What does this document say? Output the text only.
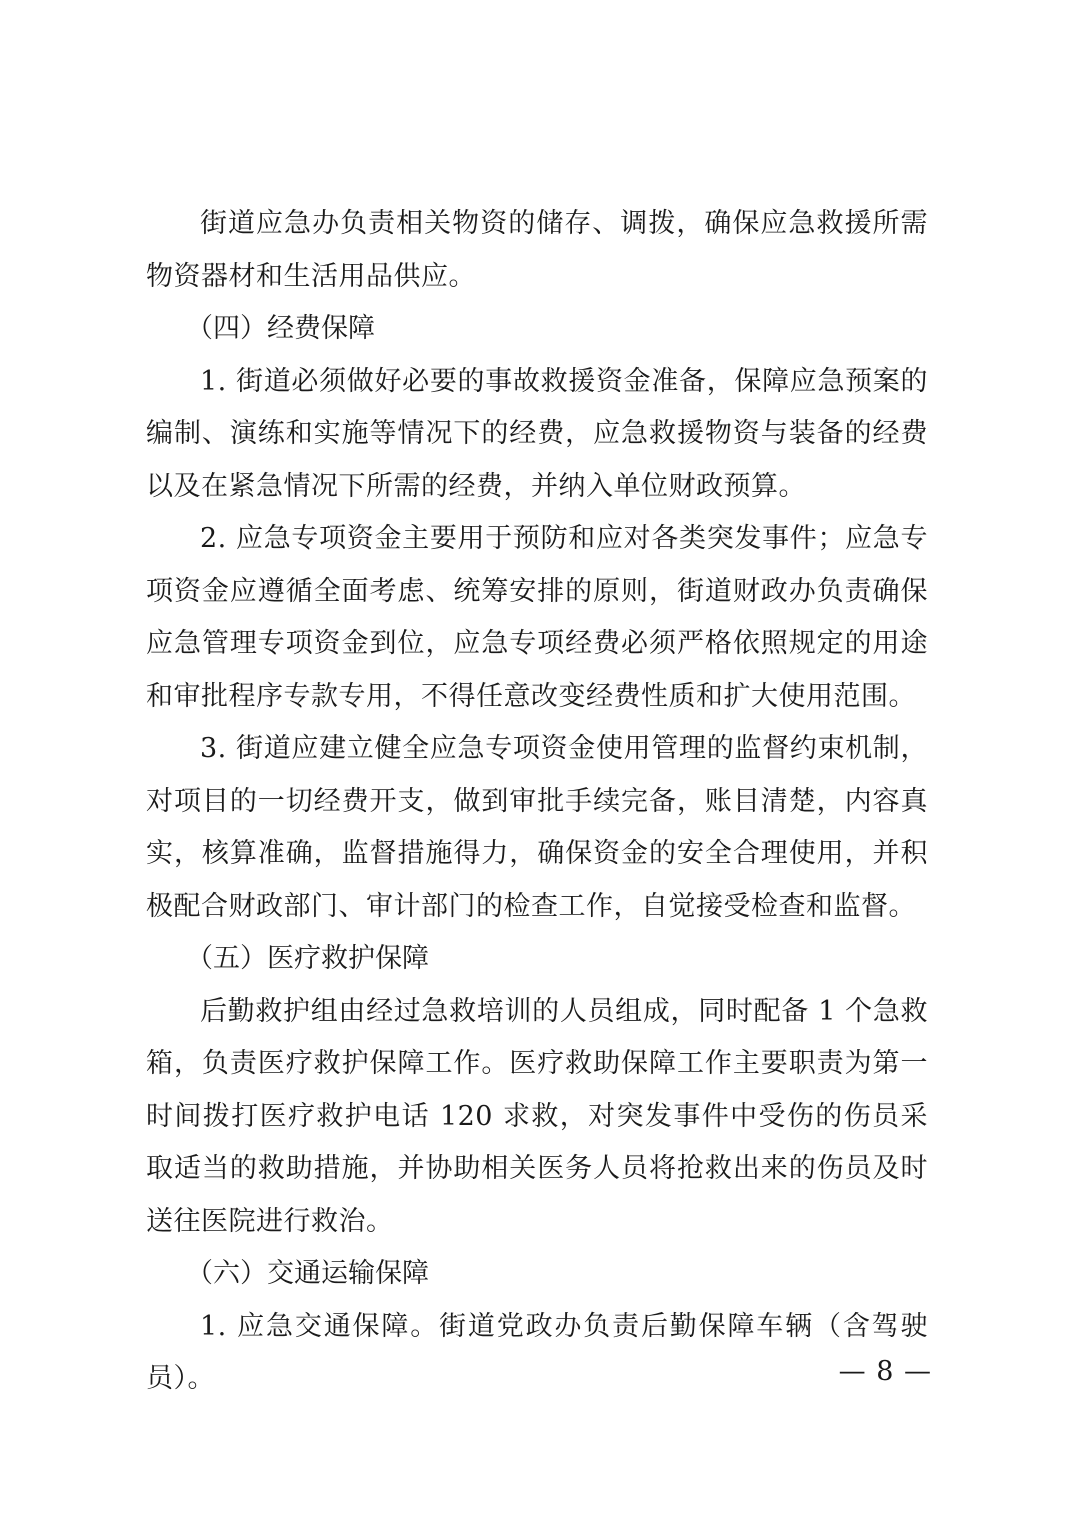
街道应急办负责相关物资的储存、调拨，确保应急救援所需物资器材和生活用品供应。

（四）经费保障

1. 街道必须做好必要的事故救援资金准备，保障应急预案的编制、演练和实施等情况下的经费，应急救援物资与装备的经费以及在紧急情况下所需的经费，并纳入单位财政预算。

2. 应急专项资金主要用于预防和应对各类突发事件；应急专项资金应遵循全面考虑、统筹安排的原则，街道财政办负责确保应急管理专项资金到位，应急专项经费必须严格依照规定的用途和审批程序专款专用，不得任意改变经费性质和扩大使用范围。

3. 街道应建立健全应急专项资金使用管理的监督约束机制，对项目的一切经费开支，做到审批手续完备，账目清楚，内容真实，核算准确，监督措施得力，确保资金的安全合理使用，并积极配合财政部门、审计部门的检查工作，自觉接受检查和监督。

（五）医疗救护保障

后勤救护组由经过急救培训的人员组成，同时配备 1 个急救箱，负责医疗救护保障工作。医疗救助保障工作主要职责为第一时间拨打医疗救护电话 120 求救，对突发事件中受伤的伤员采取适当的救助措施，并协助相关医务人员将抢救出来的伤员及时送往医院进行救治。

（六）交通运输保障

1. 应急交通保障。街道党政办负责后勤保障车辆（含驾驶员）。	— 8 —
